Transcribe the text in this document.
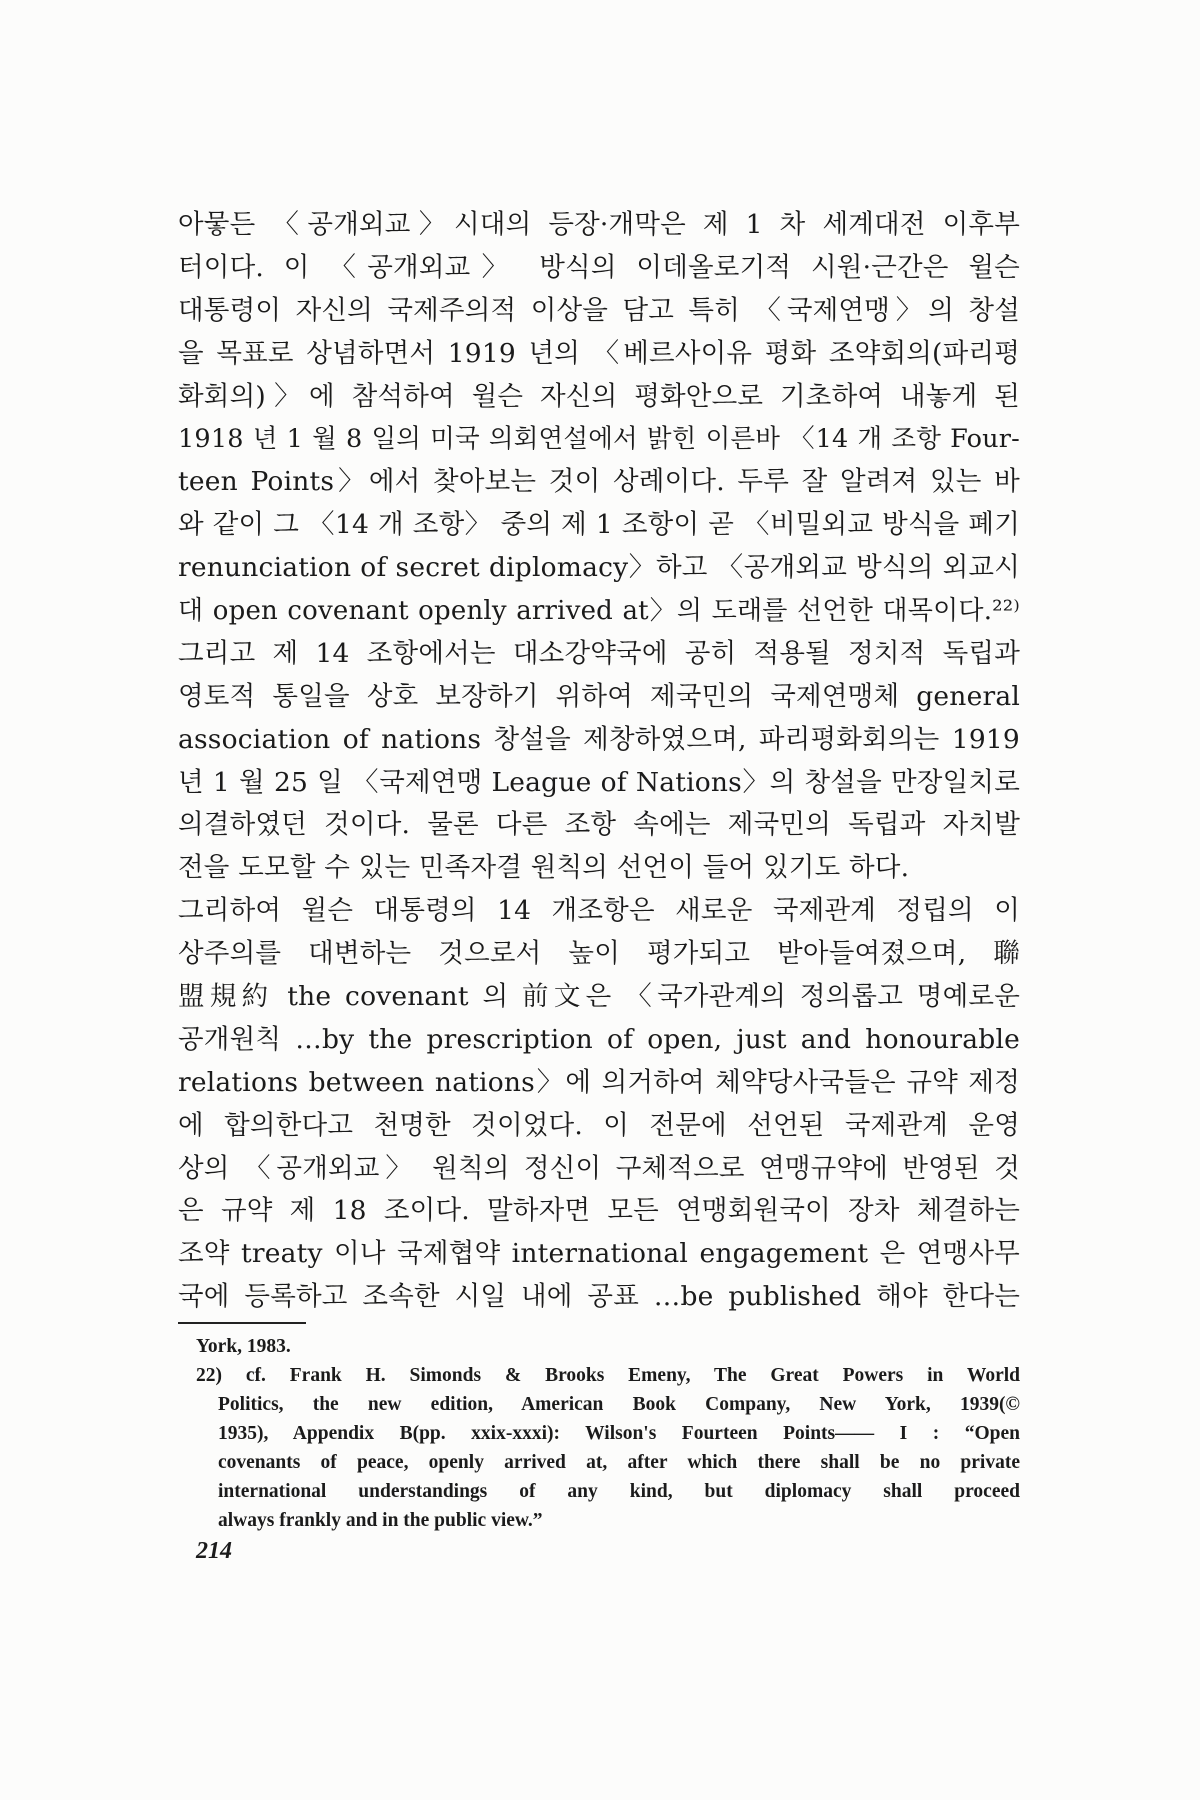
아뭏든 〈공개외교〉시대의 등장·개막은 제 1 차 세계대전 이후부
터이다. 이 〈공개외교〉 방식의 이데올로기적 시원·근간은 윌슨
대통령이 자신의 국제주의적 이상을 담고 특히 〈국제연맹〉의 창설
을 목표로 상념하면서 1919 년의 〈베르사이유 평화 조약회의(파리평
화회의)〉에 참석하여 윌슨 자신의 평화안으로 기초하여 내놓게 된
1918 년 1 월 8 일의 미국 의회연설에서 밝힌 이른바 〈14 개 조항 Four-
teen Points〉에서 찾아보는 것이 상례이다. 두루 잘 알려져 있는 바
와 같이 그 〈14 개 조항〉 중의 제 1 조항이 곧 〈비밀외교 방식을 폐기
renunciation of secret diplomacy〉하고 〈공개외교 방식의 외교시
대 open covenant openly arrived at〉의 도래를 선언한 대목이다.²²⁾
그리고 제 14 조항에서는 대소강약국에 공히 적용될 정치적 독립과
영토적 통일을 상호 보장하기 위하여 제국민의 국제연맹체 general
association of nations 창설을 제창하였으며, 파리평화회의는 1919
년 1 월 25 일 〈국제연맹 League of Nations〉의 창설을 만장일치로
의결하였던 것이다. 물론 다른 조항 속에는 제국민의 독립과 자치발
전을 도모할 수 있는 민족자결 원칙의 선언이 들어 있기도 하다.
그리하여 윌슨 대통령의 14 개조항은 새로운 국제관계 정립의 이
상주의를 대변하는 것으로서 높이 평가되고 받아들여졌으며, 聯
盟規約 the covenant 의 前文은 〈국가관계의 정의롭고 명예로운
공개원칙 …by the prescription of open, just and honourable
relations between nations〉에 의거하여 체약당사국들은 규약 제정
에 합의한다고 천명한 것이었다. 이 전문에 선언된 국제관계 운영
상의 〈공개외교〉 원칙의 정신이 구체적으로 연맹규약에 반영된 것
은 규약 제 18 조이다. 말하자면 모든 연맹회원국이 장차 체결하는
조약 treaty 이나 국제협약 international engagement 은 연맹사무
국에 등록하고 조속한 시일 내에 공표 …be published 해야 한다는
York, 1983.
22) cf. Frank H. Simonds & Brooks Emeny, The Great Powers in World
Politics, the new edition, American Book Company, New York, 1939(©
1935), Appendix B(pp. xxix-xxxi): Wilson's Fourteen Points—— I : “Open
covenants of peace, openly arrived at, after which there shall be no private
international understandings of any kind, but diplomacy shall proceed
always frankly and in the public view.”
214
